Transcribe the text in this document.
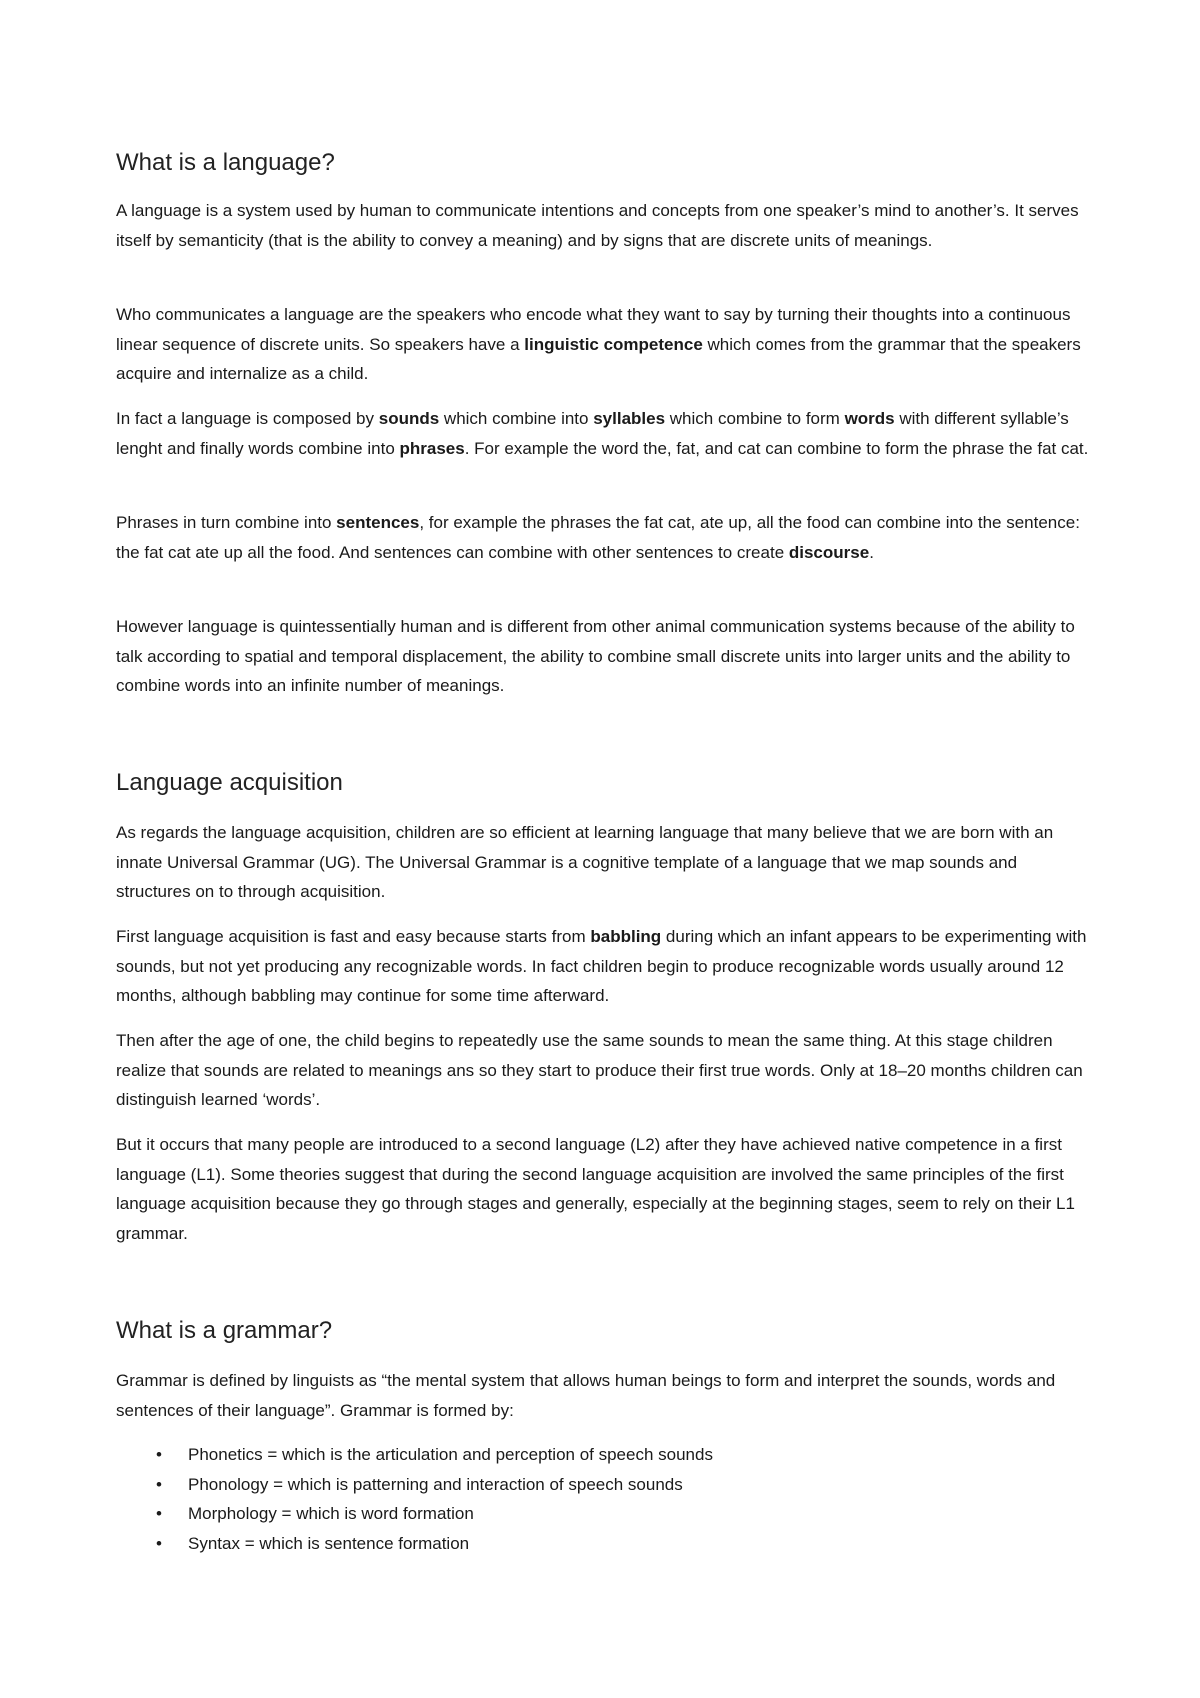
What is a language?

A language is a system used by human to communicate intentions and concepts from one speaker’s mind to another’s. It serves itself by semanticity (that is the ability to convey a meaning) and by signs that are discrete units of meanings.

Who communicates a language are the speakers who encode what they want to say by turning their thoughts into a continuous linear sequence of discrete units. So speakers have a linguistic competence which comes from the grammar that the speakers acquire and internalize as a child.

In fact a language is composed by sounds which combine into syllables which combine to form words with different syllable’s lenght and finally words combine into phrases. For example the word the, fat, and cat can combine to form the phrase the fat cat.

Phrases in turn combine into sentences, for example the phrases the fat cat, ate up, all the food can combine into the sentence: the fat cat ate up all the food. And sentences can combine with other sentences to create discourse.

However language is quintessentially human and is different from other animal communication systems because of the ability to talk according to spatial and temporal displacement, the ability to combine small discrete units into larger units and the ability to combine words into an infinite number of meanings.

Language acquisition

As regards the language acquisition, children are so efficient at learning language that many believe that we are born with an innate Universal Grammar (UG). The Universal Grammar is a cognitive template of a language that we map sounds and structures on to through acquisition.

First language acquisition is fast and easy because starts from babbling during which an infant appears to be experimenting with sounds, but not yet producing any recognizable words. In fact children begin to produce recognizable words usually around 12 months, although babbling may continue for some time afterward.

Then after the age of one, the child begins to repeatedly use the same sounds to mean the same thing. At this stage children realize that sounds are related to meanings ans so they start to produce their first true words. Only at 18–20 months children can distinguish learned ‘words’.

But it occurs that many people are introduced to a second language (L2) after they have achieved native competence in a first language (L1). Some theories suggest that during the second language acquisition are involved the same principles of the first language acquisition because they go through stages and generally, especially at the beginning stages, seem to rely on their L1 grammar.

What is a grammar?

Grammar is defined by linguists as “the mental system that allows human beings to form and interpret the sounds, words and sentences of their language”. Grammar is formed by:

• Phonetics = which is the articulation and perception of speech sounds
• Phonology = which is patterning and interaction of speech sounds
• Morphology = which is word formation
• Syntax = which is sentence formation
